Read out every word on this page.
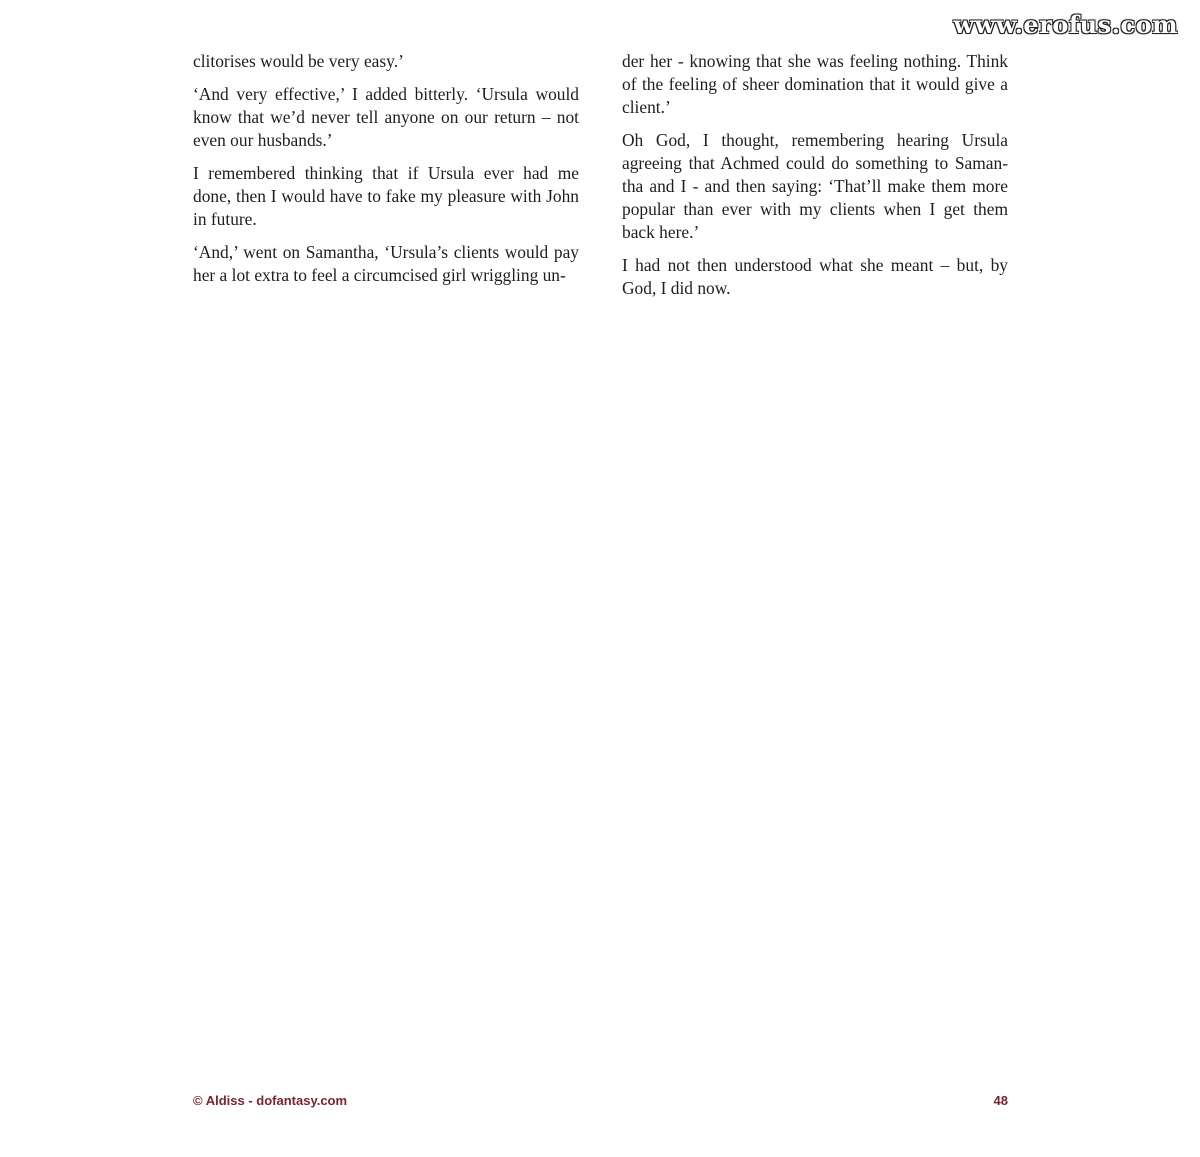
www.erofus.com

clitorises would be very easy.’

‘And very effective,’ I added bitterly. ‘Ursula would know that we’d never tell anyone on our return – not even our husbands.’

I remembered thinking that if Ursula ever had me done, then I would have to fake my pleasure with John in future.

‘And,’ went on Samantha, ‘Ursula’s clients would pay her a lot extra to feel a circumcised girl wriggling un-

der her - knowing that she was feeling nothing. Think of the feeling of sheer domination that it would give a client.’

Oh God, I thought, remembering hearing Ursula agreeing that Achmed could do something to Saman-tha and I - and then saying: ‘That’ll make them more popular than ever with my clients when I get them back here.’

I had not then understood what she meant – but, by God, I did now.

© Aldiss - dofantasy.com	48
